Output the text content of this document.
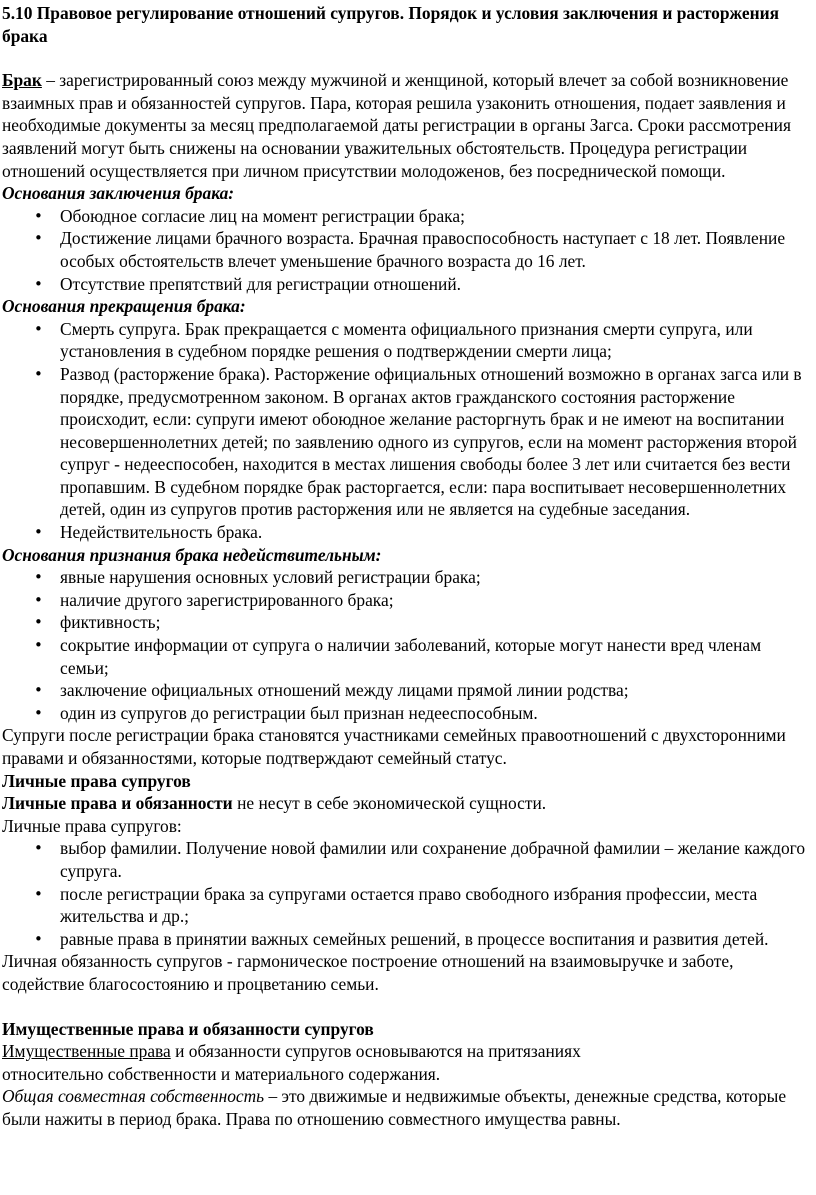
5.10 Правовое регулирование отношений супругов. Порядок и условия заключения и расторжения брака

Брак – зарегистрированный союз между мужчиной и женщиной, который влечет за собой возникновение взаимных прав и обязанностей супругов. Пара, которая решила узаконить отношения, подает заявления и необходимые документы за месяц предполагаемой даты регистрации в органы Загса. Сроки рассмотрения заявлений могут быть снижены на основании уважительных обстоятельств. Процедура регистрации отношений осуществляется при личном присутствии молодоженов, без посреднической помощи.

Основания заключения брака:

• Обоюдное согласие лиц на момент регистрации брака;
• Достижение лицами брачного возраста. Брачная правоспособность наступает с 18 лет. Появление особых обстоятельств влечет уменьшение брачного возраста до 16 лет.
• Отсутствие препятствий для регистрации отношений.

Основания прекращения брака:

• Смерть супруга. Брак прекращается с момента официального признания смерти супруга, или установления в судебном порядке решения о подтверждении смерти лица;
• Развод (расторжение брака). Расторжение официальных отношений возможно в органах загса или в порядке, предусмотренном законом. В органах актов гражданского состояния расторжение происходит, если: супруги имеют обоюдное желание расторгнуть брак и не имеют на воспитании несовершеннолетних детей; по заявлению одного из супругов, если на момент расторжения второй супруг - недееспособен, находится в местах лишения свободы более 3 лет или считается без вести пропавшим. В судебном порядке брак расторгается, если: пара воспитывает несовершеннолетних детей, один из супругов против расторжения или не является на судебные заседания.
• Недействительность брака.

Основания признания брака недействительным:

• явные нарушения основных условий регистрации брака;
• наличие другого зарегистрированного брака;
• фиктивность;
• сокрытие информации от супруга о наличии заболеваний, которые могут нанести вред членам семьи;
• заключение официальных отношений между лицами прямой линии родства;
• один из супругов до регистрации был признан недееспособным.

Супруги после регистрации брака становятся участниками семейных правоотношений с двухсторонними правами и обязанностями, которые подтверждают семейный статус.

Личные права супругов

Личные права и обязанности не несут в себе экономической сущности.

Личные права супругов:

• выбор фамилии. Получение новой фамилии или сохранение добрачной фамилии – желание каждого супруга.
• после регистрации брака за супругами остается право свободного избрания профессии, места жительства и др.;
• равные права в принятии важных семейных решений, в процессе воспитания и развития детей.

Личная обязанность супругов - гармоническое построение отношений на взаимовыручке и заботе, содействие благосостоянию и процветанию семьи.

Имущественные права и обязанности супругов

Имущественные права и обязанности супругов основываются на притязаниях

относительно собственности и материального содержания.

Общая совместная собственность – это движимые и недвижимые объекты, денежные средства, которые были нажиты в период брака. Права по отношению совместного имущества равны.
